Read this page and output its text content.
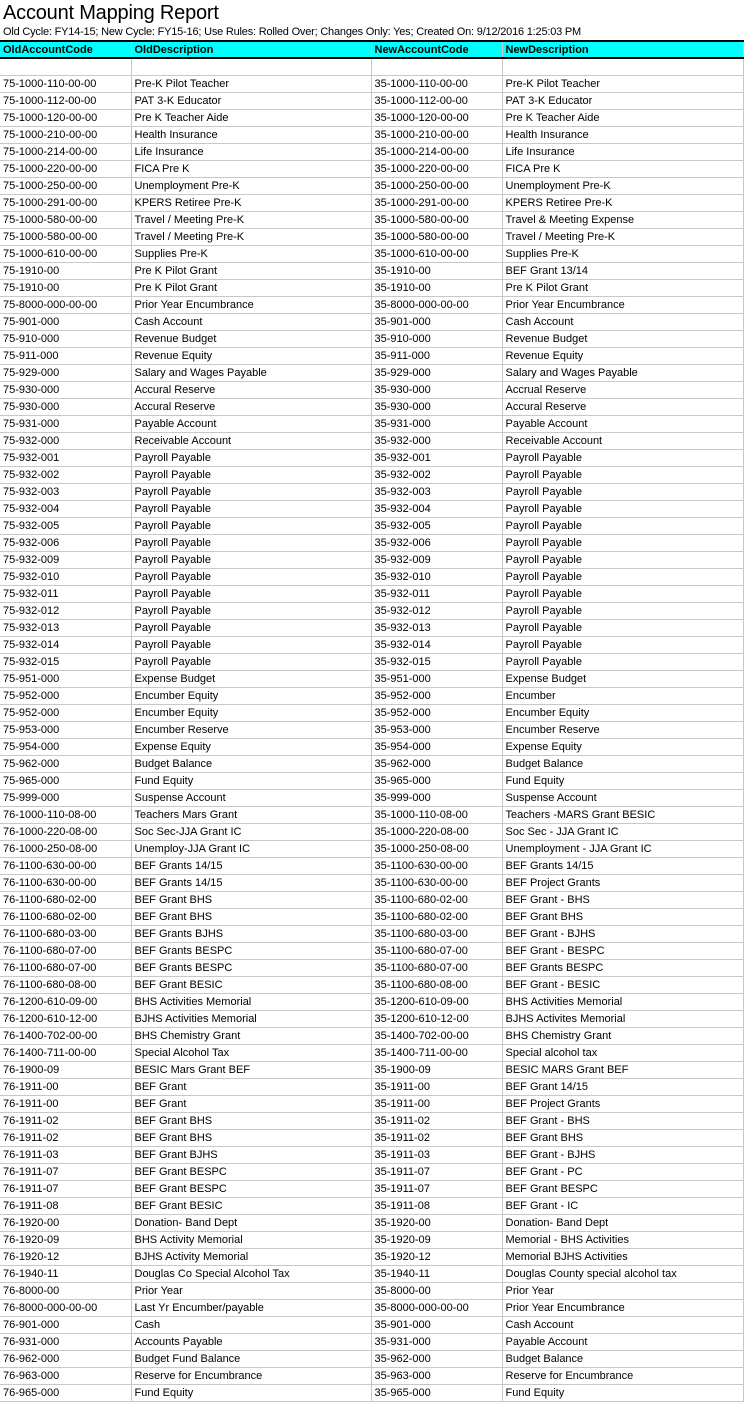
Account Mapping Report
Old Cycle: FY14-15; New Cycle: FY15-16; Use Rules: Rolled Over; Changes Only: Yes; Created On: 9/12/2016 1:25:03 PM
OldAccountCode	OldDescription	NewAccountCode	NewDescription

75-1000-110-00-00	Pre-K Pilot Teacher	35-1000-110-00-00	Pre-K Pilot Teacher
75-1000-112-00-00	PAT 3-K Educator	35-1000-112-00-00	PAT 3-K Educator
75-1000-120-00-00	Pre K Teacher Aide	35-1000-120-00-00	Pre K Teacher Aide
75-1000-210-00-00	Health Insurance	35-1000-210-00-00	Health Insurance
75-1000-214-00-00	Life Insurance	35-1000-214-00-00	Life Insurance
75-1000-220-00-00	FICA Pre K	35-1000-220-00-00	FICA Pre K
75-1000-250-00-00	Unemployment Pre-K	35-1000-250-00-00	Unemployment Pre-K
75-1000-291-00-00	KPERS Retiree Pre-K	35-1000-291-00-00	KPERS Retiree Pre-K
75-1000-580-00-00	Travel / Meeting Pre-K	35-1000-580-00-00	Travel & Meeting Expense
75-1000-580-00-00	Travel / Meeting Pre-K	35-1000-580-00-00	Travel / Meeting Pre-K
75-1000-610-00-00	Supplies Pre-K	35-1000-610-00-00	Supplies Pre-K
75-1910-00	Pre K Pilot Grant	35-1910-00	BEF Grant 13/14
75-1910-00	Pre K Pilot Grant	35-1910-00	Pre K Pilot Grant
75-8000-000-00-00	Prior Year Encumbrance	35-8000-000-00-00	Prior Year Encumbrance
75-901-000	Cash Account	35-901-000	Cash Account
75-910-000	Revenue Budget	35-910-000	Revenue Budget
75-911-000	Revenue Equity	35-911-000	Revenue Equity
75-929-000	Salary and Wages Payable	35-929-000	Salary and Wages Payable
75-930-000	Accural Reserve	35-930-000	Accrual Reserve
75-930-000	Accural Reserve	35-930-000	Accural Reserve
75-931-000	Payable Account	35-931-000	Payable Account
75-932-000	Receivable Account	35-932-000	Receivable Account
75-932-001	Payroll Payable	35-932-001	Payroll Payable
75-932-002	Payroll Payable	35-932-002	Payroll Payable
75-932-003	Payroll Payable	35-932-003	Payroll Payable
75-932-004	Payroll Payable	35-932-004	Payroll Payable
75-932-005	Payroll Payable	35-932-005	Payroll Payable
75-932-006	Payroll Payable	35-932-006	Payroll Payable
75-932-009	Payroll Payable	35-932-009	Payroll Payable
75-932-010	Payroll Payable	35-932-010	Payroll Payable
75-932-011	Payroll Payable	35-932-011	Payroll Payable
75-932-012	Payroll Payable	35-932-012	Payroll Payable
75-932-013	Payroll Payable	35-932-013	Payroll Payable
75-932-014	Payroll Payable	35-932-014	Payroll Payable
75-932-015	Payroll Payable	35-932-015	Payroll Payable
75-951-000	Expense Budget	35-951-000	Expense Budget
75-952-000	Encumber Equity	35-952-000	Encumber
75-952-000	Encumber Equity	35-952-000	Encumber Equity
75-953-000	Encumber Reserve	35-953-000	Encumber Reserve
75-954-000	Expense Equity	35-954-000	Expense Equity
75-962-000	Budget Balance	35-962-000	Budget Balance
75-965-000	Fund Equity	35-965-000	Fund Equity
75-999-000	Suspense Account	35-999-000	Suspense Account
76-1000-110-08-00	Teachers Mars Grant	35-1000-110-08-00	Teachers -MARS Grant BESIC
76-1000-220-08-00	Soc Sec-JJA Grant IC	35-1000-220-08-00	Soc Sec - JJA Grant IC
76-1000-250-08-00	Unemploy-JJA Grant IC	35-1000-250-08-00	Unemployment - JJA Grant IC
76-1100-630-00-00	BEF Grants 14/15	35-1100-630-00-00	BEF Grants 14/15
76-1100-630-00-00	BEF Grants 14/15	35-1100-630-00-00	BEF Project Grants
76-1100-680-02-00	BEF Grant BHS	35-1100-680-02-00	BEF Grant - BHS
76-1100-680-02-00	BEF Grant BHS	35-1100-680-02-00	BEF Grant BHS
76-1100-680-03-00	BEF Grants BJHS	35-1100-680-03-00	BEF Grant - BJHS
76-1100-680-07-00	BEF Grants BESPC	35-1100-680-07-00	BEF Grant - BESPC
76-1100-680-07-00	BEF Grants BESPC	35-1100-680-07-00	BEF Grants BESPC
76-1100-680-08-00	BEF Grant BESIC	35-1100-680-08-00	BEF Grant - BESIC
76-1200-610-09-00	BHS Activities Memorial	35-1200-610-09-00	BHS Activities Memorial
76-1200-610-12-00	BJHS Activities Memorial	35-1200-610-12-00	BJHS Activites Memorial
76-1400-702-00-00	BHS Chemistry Grant	35-1400-702-00-00	BHS Chemistry Grant
76-1400-711-00-00	Special Alcohol Tax	35-1400-711-00-00	Special alcohol tax
76-1900-09	BESIC Mars Grant BEF	35-1900-09	BESIC MARS Grant BEF
76-1911-00	BEF Grant	35-1911-00	BEF Grant 14/15
76-1911-00	BEF Grant	35-1911-00	BEF Project Grants
76-1911-02	BEF Grant BHS	35-1911-02	BEF Grant - BHS
76-1911-02	BEF Grant BHS	35-1911-02	BEF Grant BHS
76-1911-03	BEF Grant BJHS	35-1911-03	BEF Grant - BJHS
76-1911-07	BEF Grant BESPC	35-1911-07	BEF Grant - PC
76-1911-07	BEF Grant BESPC	35-1911-07	BEF Grant BESPC
76-1911-08	BEF Grant BESIC	35-1911-08	BEF Grant - IC
76-1920-00	Donation- Band Dept	35-1920-00	Donation- Band Dept
76-1920-09	BHS Activity Memorial	35-1920-09	Memorial - BHS Activities
76-1920-12	BJHS Activity Memorial	35-1920-12	Memorial BJHS Activities
76-1940-11	Douglas Co Special Alcohol Tax	35-1940-11	Douglas County special alcohol tax
76-8000-00	Prior Year	35-8000-00	Prior Year
76-8000-000-00-00	Last Yr Encumber/payable	35-8000-000-00-00	Prior Year Encumbrance
76-901-000	Cash	35-901-000	Cash Account
76-931-000	Accounts Payable	35-931-000	Payable Account
76-962-000	Budget Fund Balance	35-962-000	Budget Balance
76-963-000	Reserve for Encumbrance	35-963-000	Reserve for Encumbrance
76-965-000	Fund Equity	35-965-000	Fund Equity
